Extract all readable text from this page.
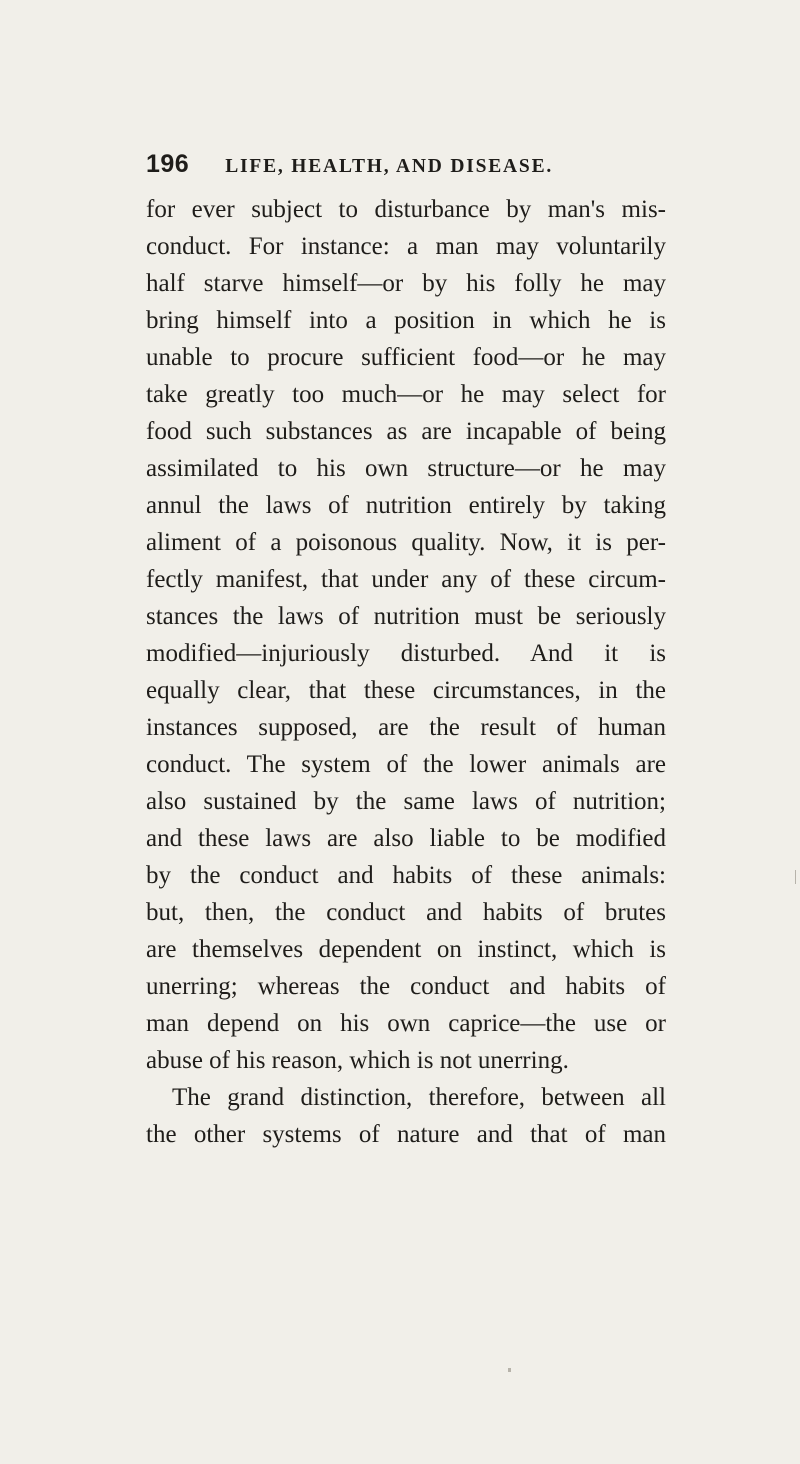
196 LIFE, HEALTH, AND DISEASE.
for ever subject to disturbance by man's mis-
conduct. For instance: a man may voluntarily
half starve himself—or by his folly he may
bring himself into a position in which he is
unable to procure sufficient food—or he may
take greatly too much—or he may select for
food such substances as are incapable of being
assimilated to his own structure—or he may
annul the laws of nutrition entirely by taking
aliment of a poisonous quality. Now, it is per-
fectly manifest, that under any of these circum-
stances the laws of nutrition must be seriously
modified—injuriously disturbed. And it is
equally clear, that these circumstances, in the
instances supposed, are the result of human
conduct. The system of the lower animals are
also sustained by the same laws of nutrition;
and these laws are also liable to be modified
by the conduct and habits of these animals:
but, then, the conduct and habits of brutes
are themselves dependent on instinct, which is
unerring; whereas the conduct and habits of
man depend on his own caprice—the use or
abuse of his reason, which is not unerring.
The grand distinction, therefore, between all
the other systems of nature and that of man
